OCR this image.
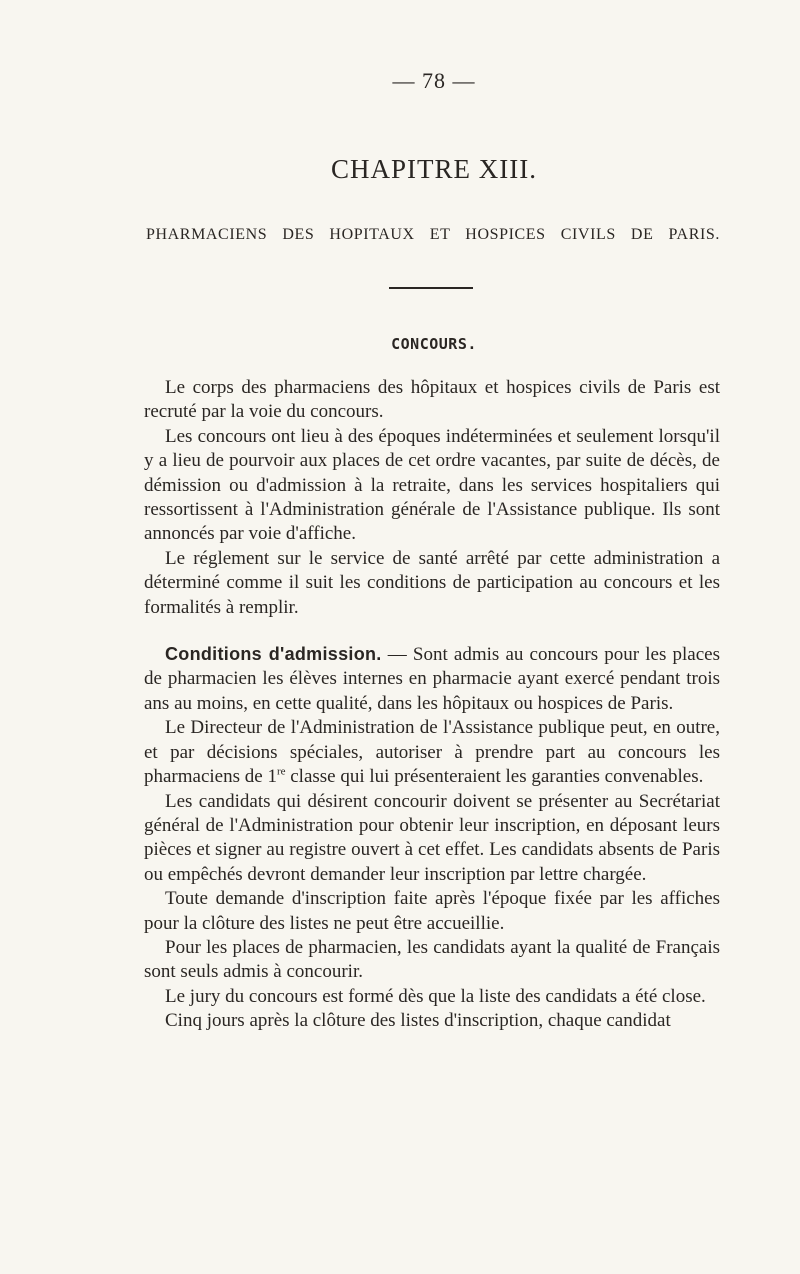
— 78 —
CHAPITRE XIII.
PHARMACIENS DES HOPITAUX ET HOSPICES CIVILS DE PARIS.
CONCOURS.

Le corps des pharmaciens des hôpitaux et hospices civils de Paris est recruté par la voie du concours.

Les concours ont lieu à des époques indéterminées et seulement lorsqu'il y a lieu de pourvoir aux places de cet ordre vacantes, par suite de décès, de démission ou d'admission à la retraite, dans les services hospitaliers qui ressortissent à l'Administration générale de l'Assistance publique. Ils sont annoncés par voie d'affiche.

Le réglement sur le service de santé arrêté par cette administration a déterminé comme il suit les conditions de participation au concours et les formalités à remplir.

Conditions d'admission. — Sont admis au concours pour les places de pharmacien les élèves internes en pharmacie ayant exercé pendant trois ans au moins, en cette qualité, dans les hôpitaux ou hospices de Paris.

Le Directeur de l'Administration de l'Assistance publique peut, en outre, et par décisions spéciales, autoriser à prendre part au concours les pharmaciens de 1re classe qui lui présenteraient les garanties convenables.

Les candidats qui désirent concourir doivent se présenter au Secrétariat général de l'Administration pour obtenir leur inscription, en déposant leurs pièces et signer au registre ouvert à cet effet. Les candidats absents de Paris ou empêchés devront demander leur inscription par lettre chargée.

Toute demande d'inscription faite après l'époque fixée par les affiches pour la clôture des listes ne peut être accueillie.

Pour les places de pharmacien, les candidats ayant la qualité de Français sont seuls admis à concourir.

Le jury du concours est formé dès que la liste des candidats a été close.

Cinq jours après la clôture des listes d'inscription, chaque candidat
